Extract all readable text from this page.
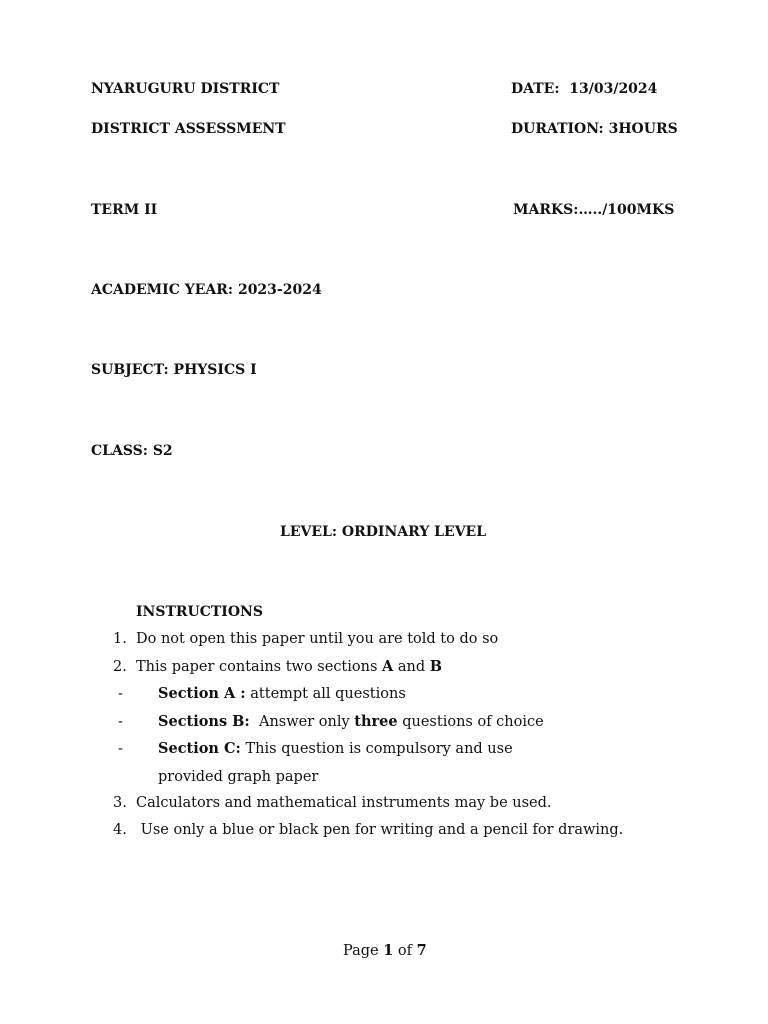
NYARUGURU DISTRICT	DATE: 13/03/2024
DISTRICT ASSESSMENT	DURATION: 3HOURS
TERM II	MARKS:…../100MKS
ACADEMIC YEAR: 2023-2024
SUBJECT: PHYSICS I
CLASS: S2
LEVEL: ORDINARY LEVEL
INSTRUCTIONS
1. Do not open this paper until you are told to do so
2. This paper contains two sections A and B
- Section A : attempt all questions
- Sections B:  Answer only three questions of choice
- Section C: This question is compulsory and use
provided graph paper
3. Calculators and mathematical instruments may be used.
4. Use only a blue or black pen for writing and a pencil for drawing.
Page 1 of 7
